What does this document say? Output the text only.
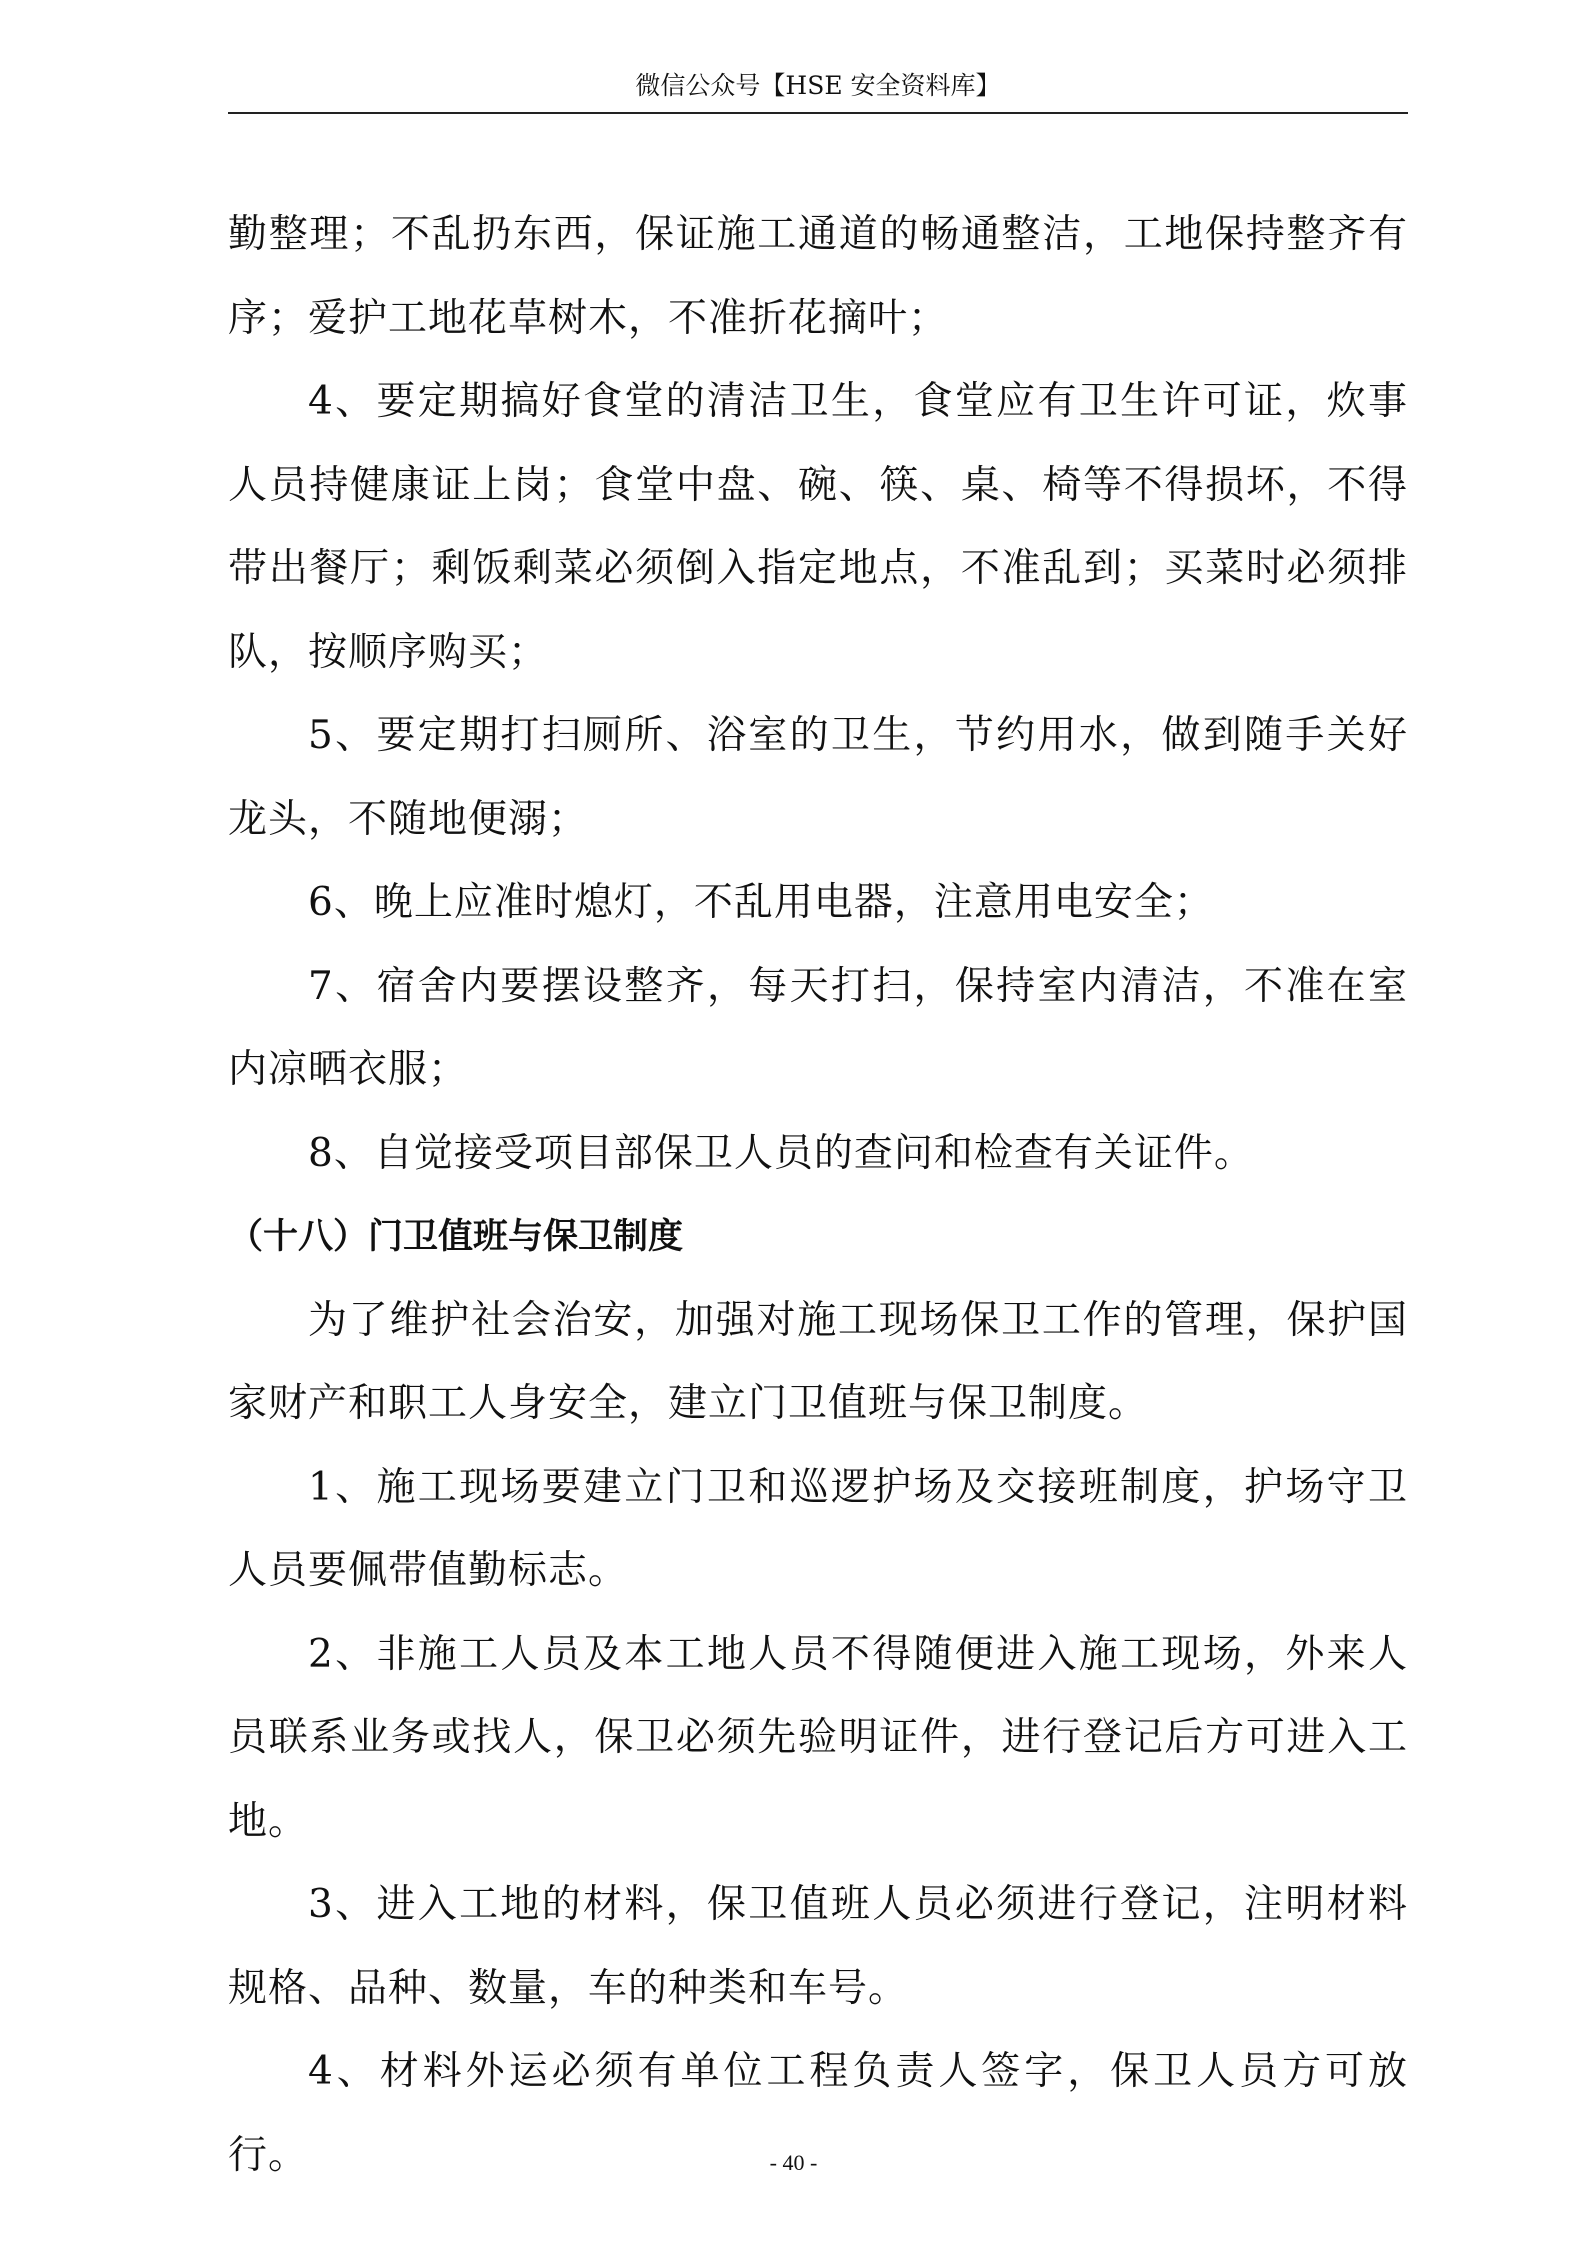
微信公众号【HSE 安全资料库】

勤整理；不乱扔东西，保证施工通道的畅通整洁，工地保持整齐有序；爱护工地花草树木，不准折花摘叶；

4、要定期搞好食堂的清洁卫生，食堂应有卫生许可证，炊事人员持健康证上岗；食堂中盘、碗、筷、桌、椅等不得损坏，不得带出餐厅；剩饭剩菜必须倒入指定地点，不准乱到；买菜时必须排队，按顺序购买；

5、要定期打扫厕所、浴室的卫生，节约用水，做到随手关好龙头，不随地便溺；

6、晚上应准时熄灯，不乱用电器，注意用电安全；

7、宿舍内要摆设整齐，每天打扫，保持室内清洁，不准在室内凉晒衣服；

8、自觉接受项目部保卫人员的查问和检查有关证件。

（十八）门卫值班与保卫制度

为了维护社会治安，加强对施工现场保卫工作的管理，保护国家财产和职工人身安全，建立门卫值班与保卫制度。

1、施工现场要建立门卫和巡逻护场及交接班制度，护场守卫人员要佩带值勤标志。

2、非施工人员及本工地人员不得随便进入施工现场，外来人员联系业务或找人，保卫必须先验明证件，进行登记后方可进入工地。

3、进入工地的材料，保卫值班人员必须进行登记，注明材料规格、品种、数量，车的种类和车号。

4、材料外运必须有单位工程负责人签字，保卫人员方可放行。	- 40 -
